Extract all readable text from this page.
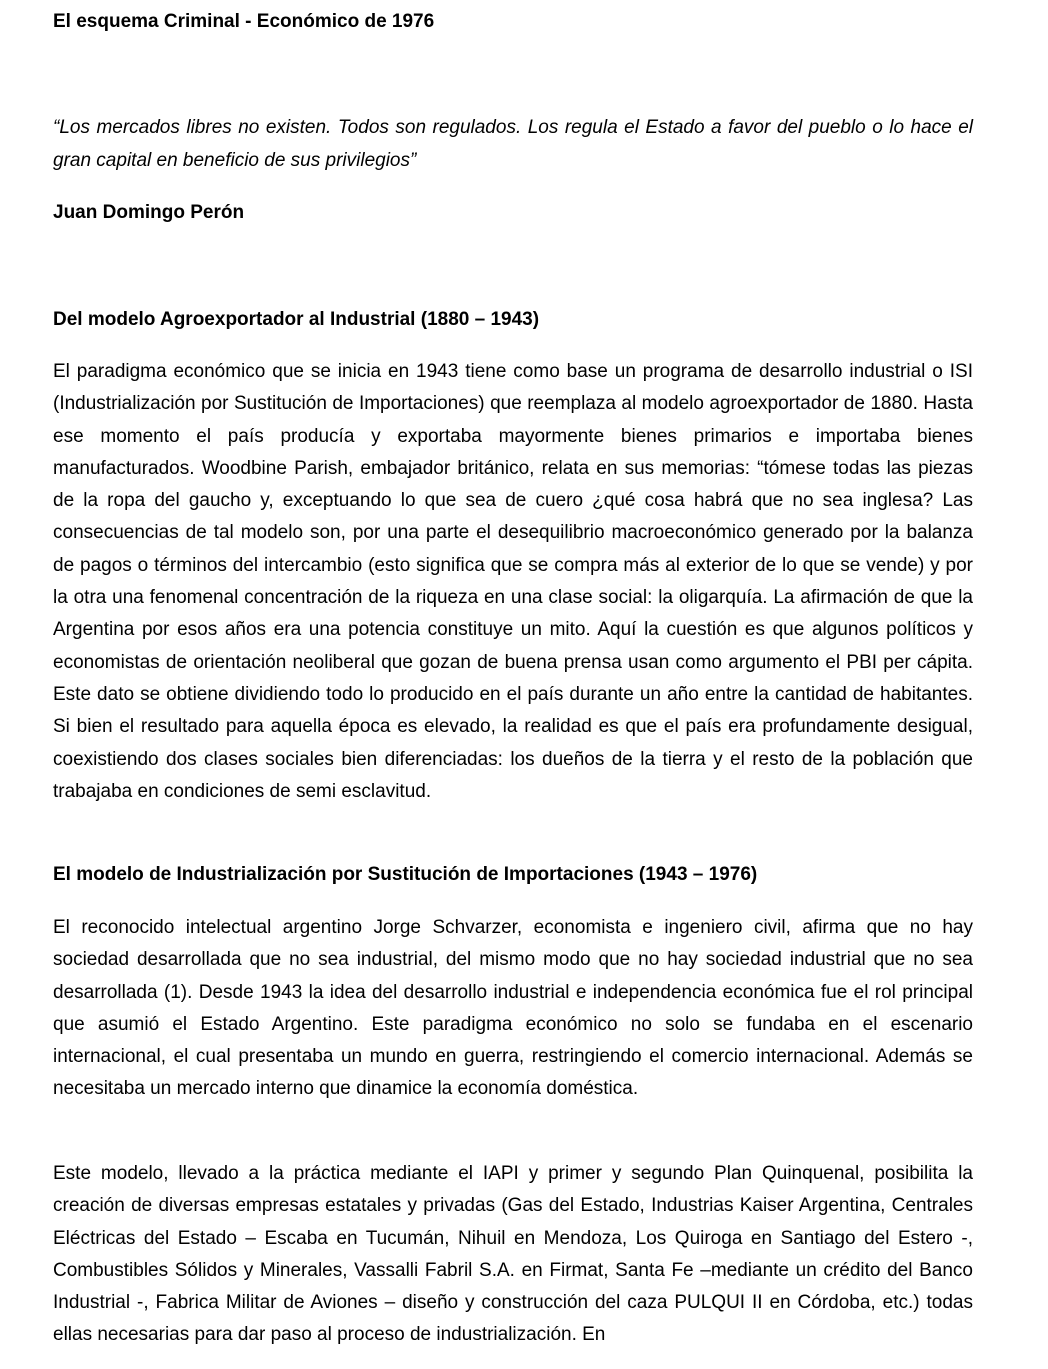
El esquema Criminal - Económico de 1976

“Los mercados libres no existen. Todos son regulados. Los regula el Estado a favor del pueblo o lo hace el gran capital en beneficio de sus privilegios”

Juan Domingo Perón

Del modelo Agroexportador al Industrial (1880 – 1943)

El paradigma económico que se inicia en 1943 tiene como base un programa de desarrollo industrial o ISI (Industrialización por Sustitución de Importaciones) que reemplaza al modelo agroexportador de 1880. Hasta ese momento el país producía y exportaba mayormente bienes primarios e importaba bienes manufacturados. Woodbine Parish, embajador británico, relata en sus memorias: “tómese todas las piezas de la ropa del gaucho y, exceptuando lo que sea de cuero ¿qué cosa habrá que no sea inglesa? Las consecuencias de tal modelo son, por una parte el desequilibrio macroeconómico generado por la balanza de pagos o términos del intercambio (esto significa que se compra más al exterior de lo que se vende) y por la otra una fenomenal concentración de la riqueza en una clase social: la oligarquía. La afirmación de que la Argentina por esos años era una potencia constituye un mito. Aquí la cuestión es que algunos políticos y economistas de orientación neoliberal que gozan de buena prensa usan como argumento el PBI per cápita. Este dato se obtiene dividiendo todo lo producido en el país durante un año entre la cantidad de habitantes. Si bien el resultado para aquella época es elevado, la realidad es que el país era profundamente desigual, coexistiendo dos clases sociales bien diferenciadas: los dueños de la tierra y el resto de la población que trabajaba en condiciones de semi esclavitud.

El modelo de Industrialización por Sustitución de Importaciones (1943 – 1976)

El reconocido intelectual argentino Jorge Schvarzer, economista e ingeniero civil, afirma que no hay sociedad desarrollada que no sea industrial, del mismo modo que no hay sociedad industrial que no sea desarrollada (1). Desde 1943 la idea del desarrollo industrial e independencia económica fue el rol principal que asumió el Estado Argentino. Este paradigma económico no solo se fundaba en el escenario internacional, el cual presentaba un mundo en guerra, restringiendo el comercio internacional. Además se necesitaba un mercado interno que dinamice la economía doméstica.

Este modelo, llevado a la práctica mediante el IAPI y primer y segundo Plan Quinquenal, posibilita la creación de diversas empresas estatales y privadas (Gas del Estado, Industrias Kaiser Argentina, Centrales Eléctricas del Estado – Escaba en Tucumán, Nihuil en Mendoza, Los Quiroga en Santiago del Estero -, Combustibles Sólidos y Minerales, Vassalli Fabril S.A. en Firmat, Santa Fe –mediante un crédito del Banco Industrial -, Fabrica Militar de Aviones – diseño y construcción del caza PULQUI II en Córdoba, etc.) todas ellas necesarias para dar paso al proceso de industrialización. En
